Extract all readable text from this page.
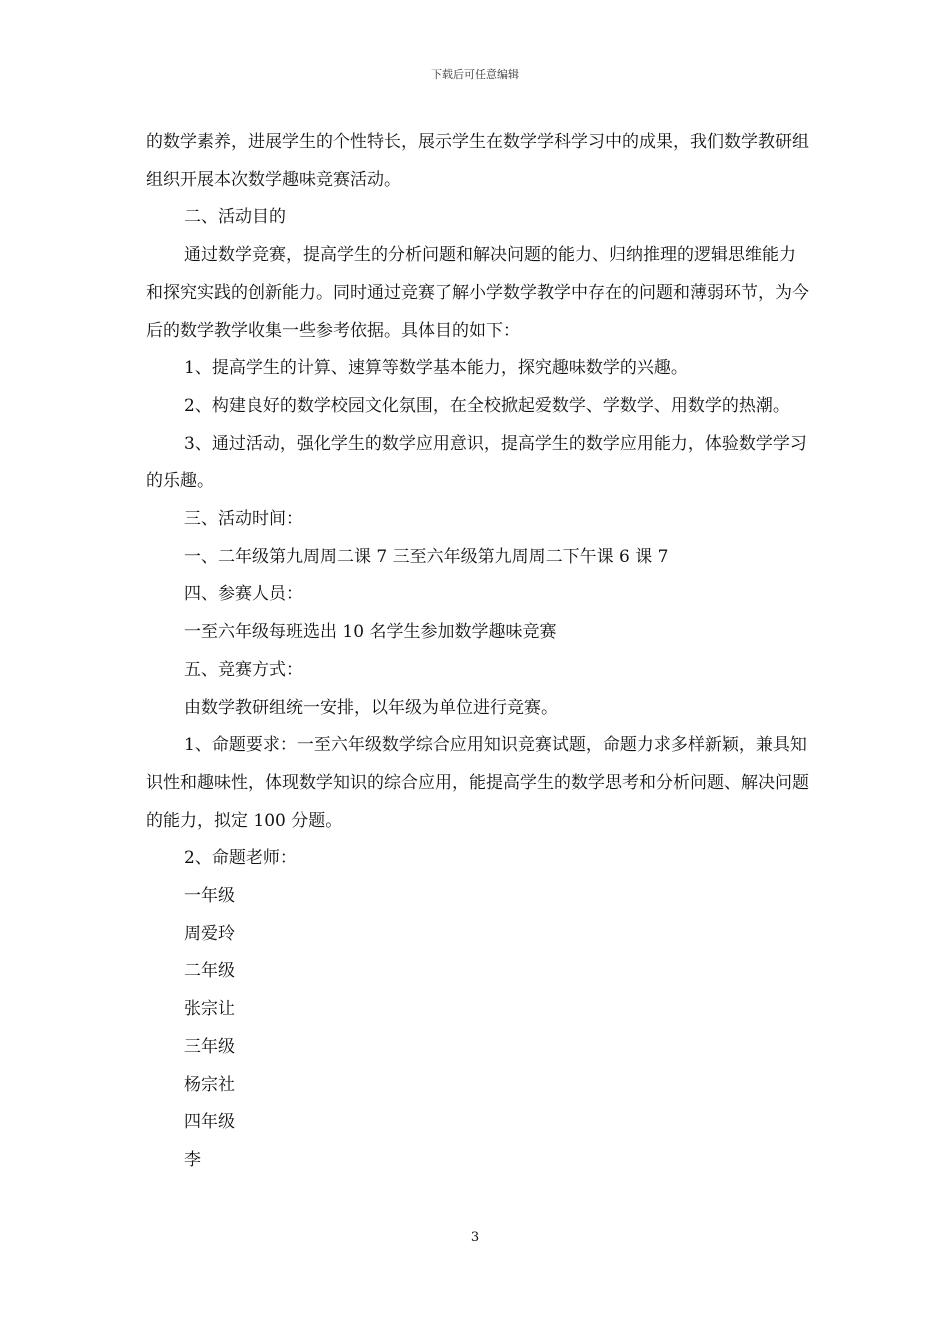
下载后可任意编辑

的数学素养，进展学生的个性特长，展示学生在数学学科学习中的成果，我们数学教研组组织开展本次数学趣味竞赛活动。

二、活动目的

通过数学竞赛，提高学生的分析问题和解决问题的能力、归纳推理的逻辑思维能力和探究实践的创新能力。同时通过竞赛了解小学数学教学中存在的问题和薄弱环节，为今后的数学教学收集一些参考依据。具体目的如下：

1、提高学生的计算、速算等数学基本能力，探究趣味数学的兴趣。

2、构建良好的数学校园文化氛围，在全校掀起爱数学、学数学、用数学的热潮。

3、通过活动，强化学生的数学应用意识，提高学生的数学应用能力，体验数学学习的乐趣。

三、活动时间：

一、二年级第九周周二课 7 三至六年级第九周周二下午课 6 课 7

四、参赛人员：

一至六年级每班选出 10 名学生参加数学趣味竞赛

五、竞赛方式：

由数学教研组统一安排，以年级为单位进行竞赛。

1、命题要求：一至六年级数学综合应用知识竞赛试题，命题力求多样新颖，兼具知识性和趣味性，体现数学知识的综合应用，能提高学生的数学思考和分析问题、解决问题的能力，拟定 100 分题。

2、命题老师：

一年级

周爱玲

二年级

张宗让

三年级

杨宗社

四年级

李

3
